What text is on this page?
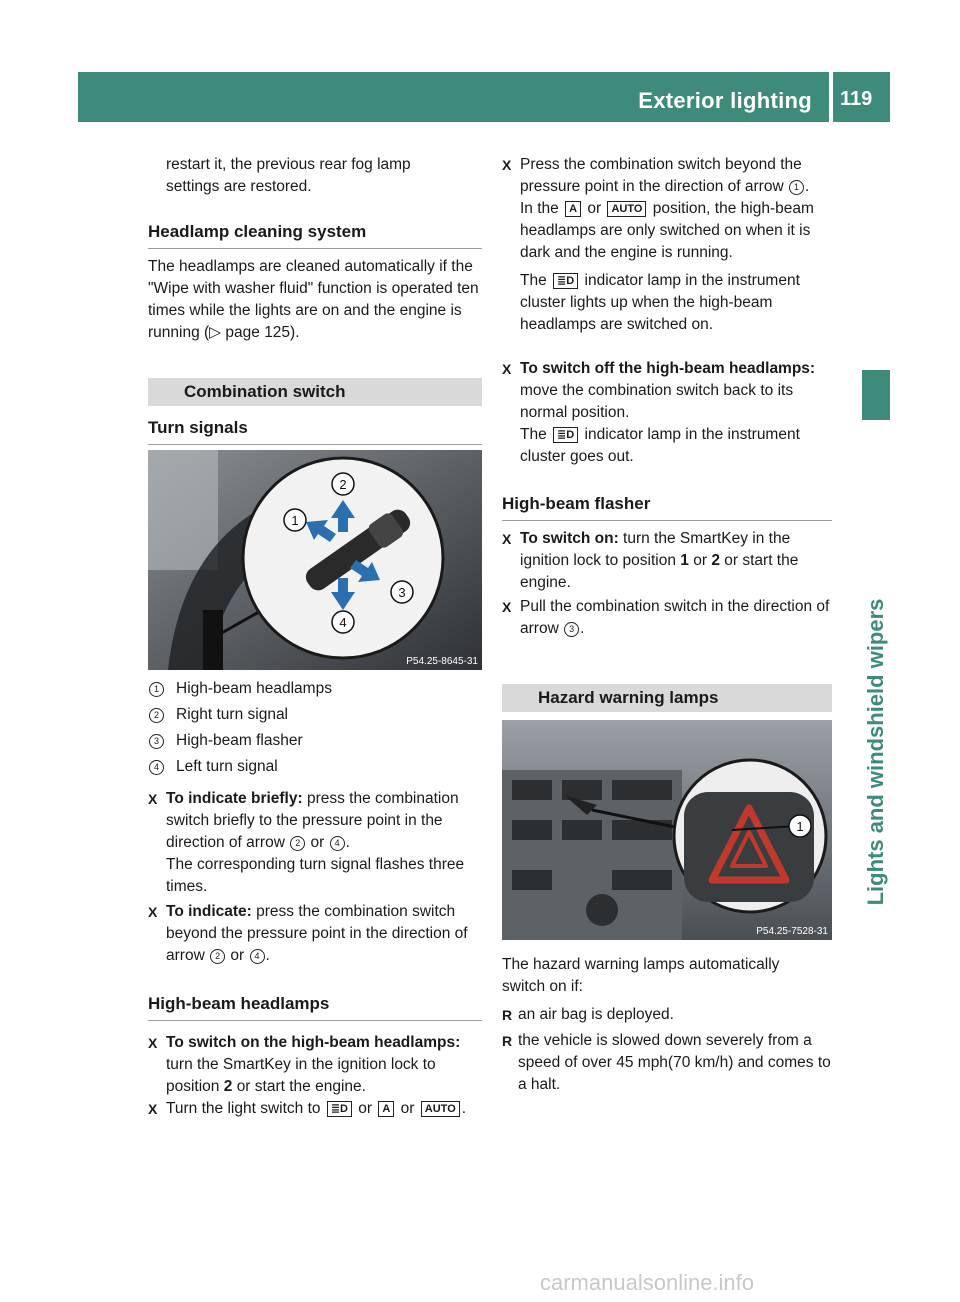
Exterior lighting 119
Lights and windshield wipers
restart it, the previous rear fog lamp settings are restored.
Headlamp cleaning system
The headlamps are cleaned automatically if the "Wipe with washer fluid" function is operated ten times while the lights are on and the engine is running (▷ page 125).
Combination switch
Turn signals
2
1
3
4
P54.25-8645-31
1	High-beam headlamps
2	Right turn signal
3	High-beam flasher
4	Left turn signal
X To indicate briefly: press the combination switch briefly to the pressure point in the direction of arrow 2 or 4 .
The corresponding turn signal flashes three times.
X To indicate: press the combination switch beyond the pressure point in the direction of arrow 2 or 4 .
High-beam headlamps
X To switch on the high-beam headlamps: turn the SmartKey in the ignition lock to position 2 or start the engine.
X Turn the light switch to ≣D or A or AUTO .
X Press the combination switch beyond the pressure point in the direction of arrow 1 .
In the A or AUTO position, the high-beam headlamps are only switched on when it is dark and the engine is running.
The ≣D indicator lamp in the instrument cluster lights up when the high-beam headlamps are switched on.
X To switch off the high-beam headlamps: move the combination switch back to its normal position.
The ≣D indicator lamp in the instrument cluster goes out.
High-beam flasher
X To switch on: turn the SmartKey in the ignition lock to position 1 or 2 or start the engine.
X Pull the combination switch in the direction of arrow 3 .
Hazard warning lamps
1
P54.25-7528-31
The hazard warning lamps automatically switch on if:
R an air bag is deployed.
R the vehicle is slowed down severely from a speed of over 45 mph(70 km/h) and comes to a halt.
carmanualsonline.info
